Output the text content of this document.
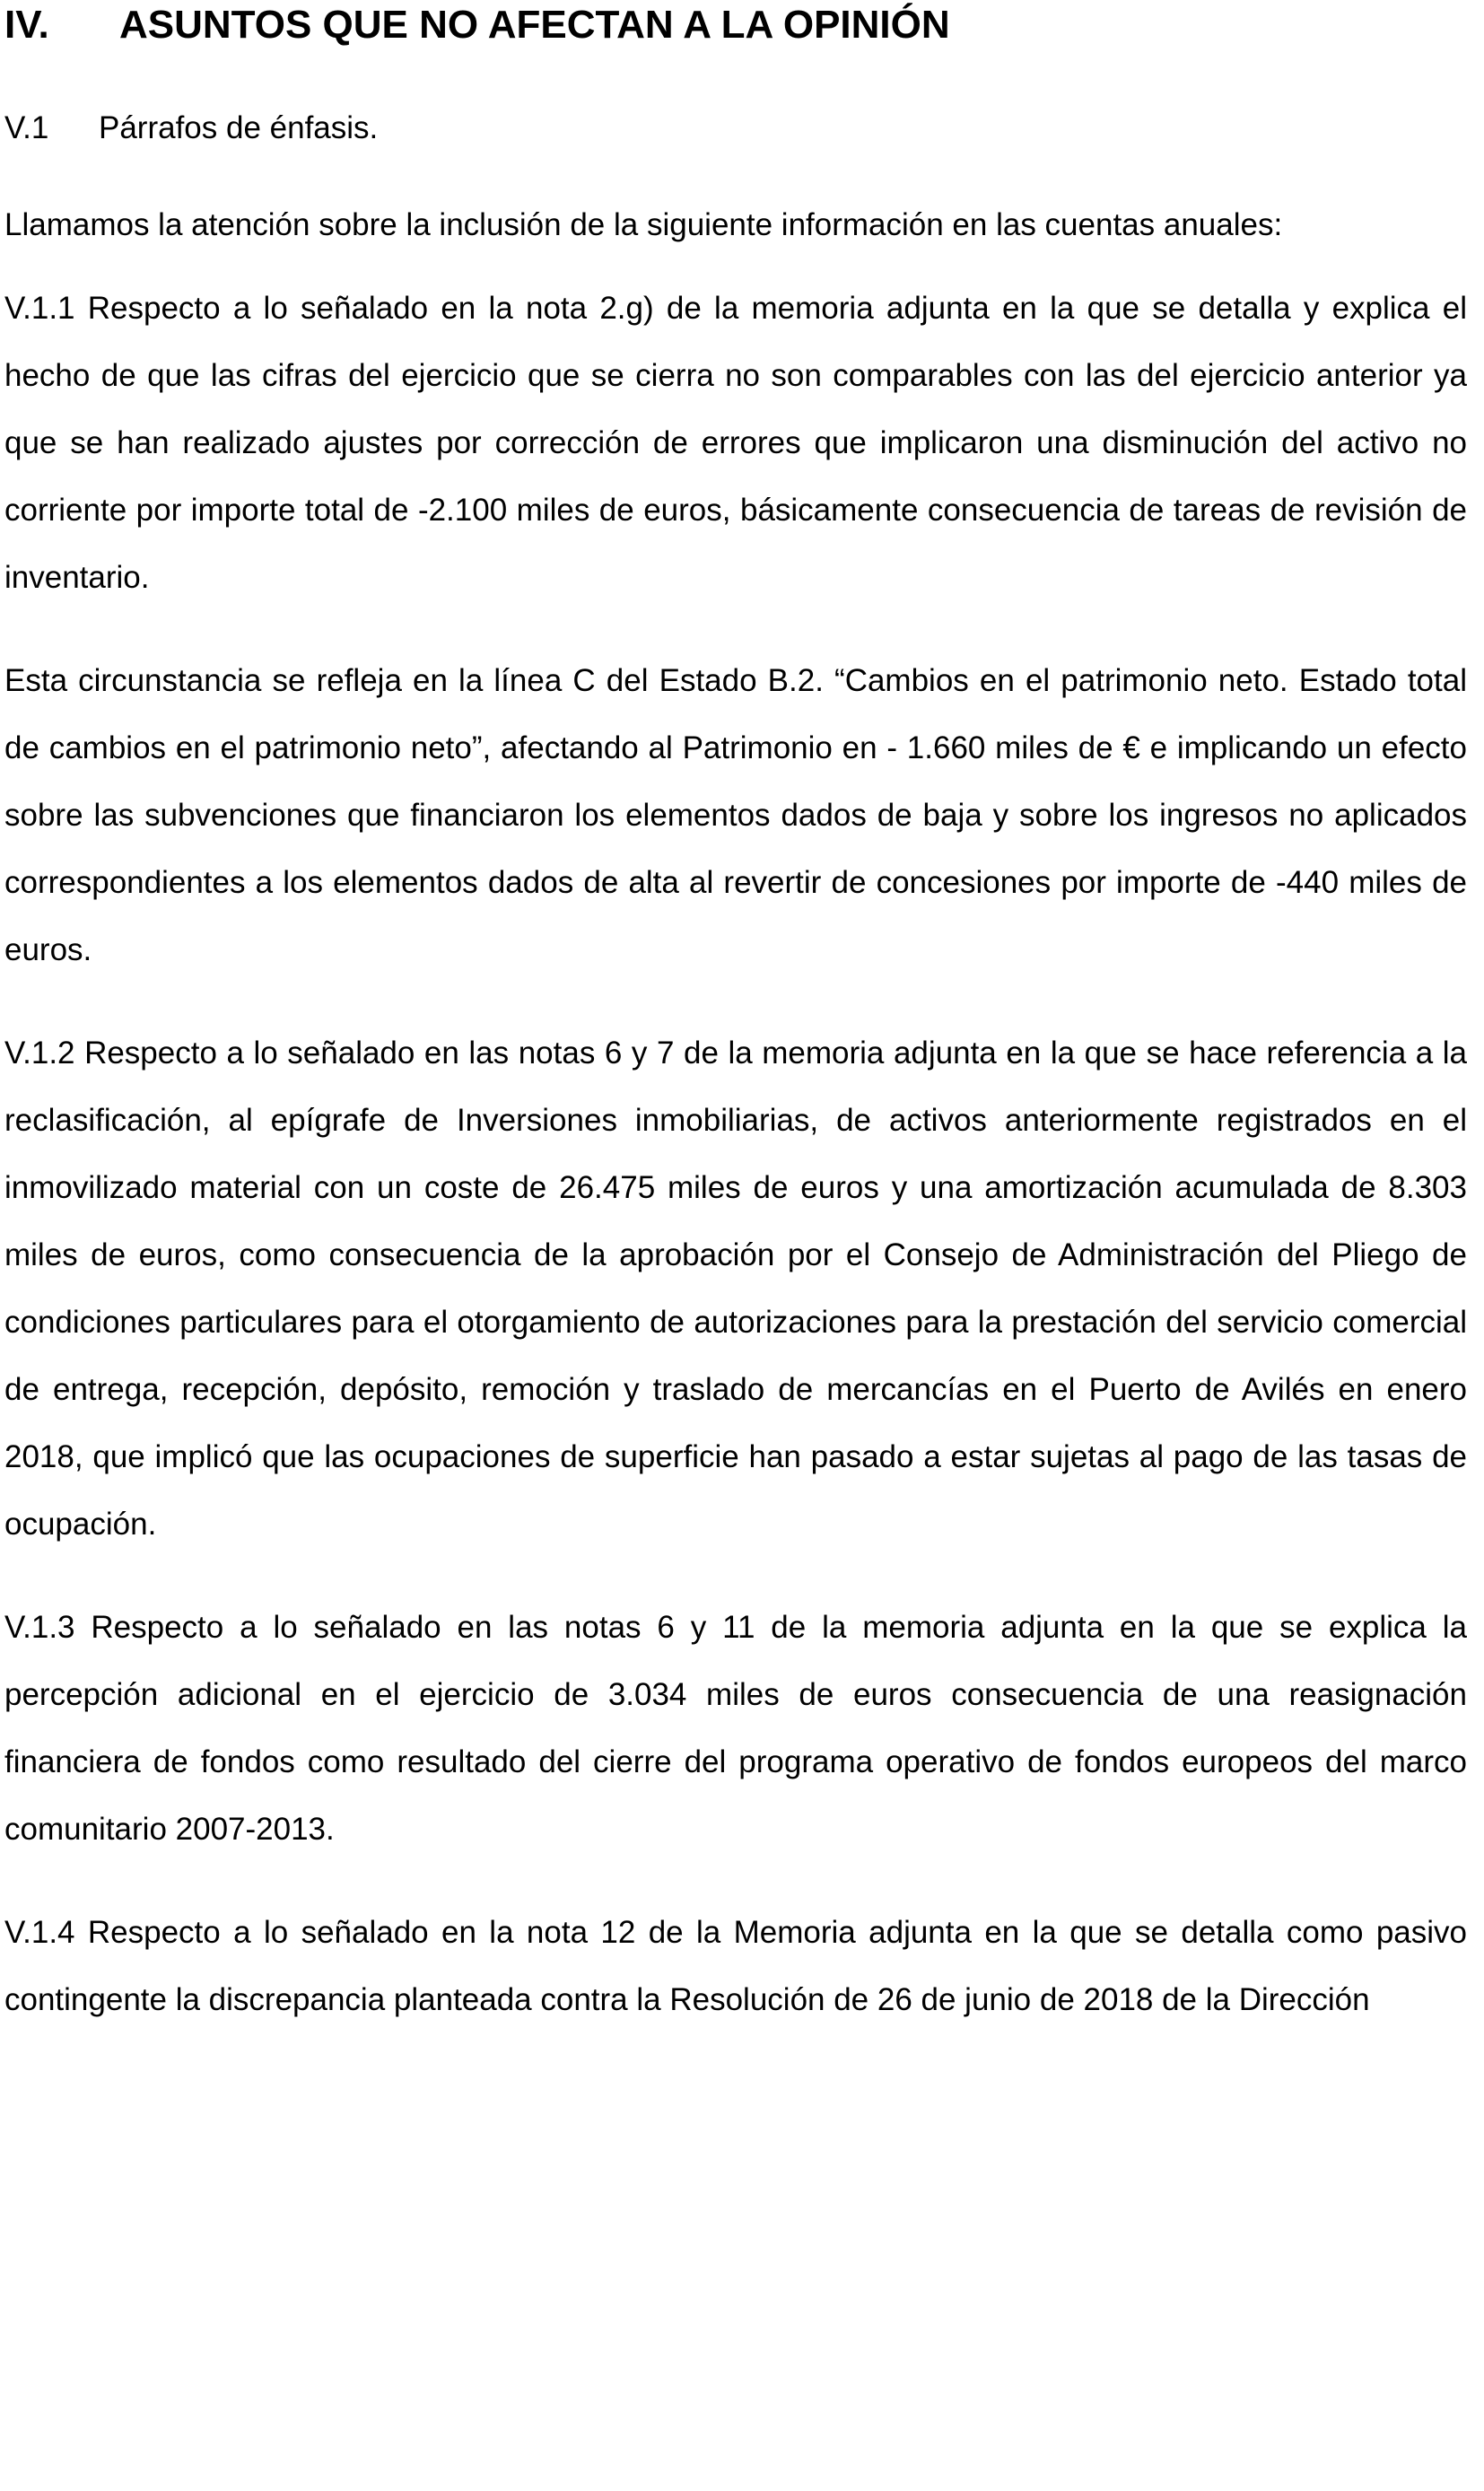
IV. ASUNTOS QUE NO AFECTAN A LA OPINIÓN

V.1 Párrafos de énfasis.

Llamamos la atención sobre la inclusión de la siguiente información en las cuentas anuales:

V.1.1 Respecto a lo señalado en la nota 2.g) de la memoria adjunta en la que se detalla y explica el hecho de que las cifras del ejercicio que se cierra no son comparables con las del ejercicio anterior ya que se han realizado ajustes por corrección de errores que implicaron una disminución del activo no corriente por importe total de -2.100 miles de euros, básicamente consecuencia de tareas de revisión de inventario.

Esta circunstancia se refleja en la línea C del Estado B.2. “Cambios en el patrimonio neto. Estado total de cambios en el patrimonio neto”, afectando al Patrimonio en - 1.660 miles de € e implicando un efecto sobre las subvenciones que financiaron los elementos dados de baja y sobre los ingresos no aplicados correspondientes a los elementos dados de alta al revertir de concesiones por importe de -440 miles de euros.

V.1.2 Respecto a lo señalado en las notas 6 y 7 de la memoria adjunta en la que se hace referencia a la reclasificación, al epígrafe de Inversiones inmobiliarias, de activos anteriormente registrados en el inmovilizado material con un coste de 26.475 miles de euros y una amortización acumulada de 8.303 miles de euros, como consecuencia de la aprobación por el Consejo de Administración del Pliego de condiciones particulares para el otorgamiento de autorizaciones para la prestación del servicio comercial de entrega, recepción, depósito, remoción y traslado de mercancías en el Puerto de Avilés en enero 2018, que implicó que las ocupaciones de superficie han pasado a estar sujetas al pago de las tasas de ocupación.

V.1.3 Respecto a lo señalado en las notas 6 y 11 de la memoria adjunta en la que se explica la percepción adicional en el ejercicio de 3.034 miles de euros consecuencia de una reasignación financiera de fondos como resultado del cierre del programa operativo de fondos europeos del marco comunitario 2007-2013.

V.1.4 Respecto a lo señalado en la nota 12 de la Memoria adjunta en la que se detalla como pasivo contingente la discrepancia planteada contra la Resolución de 26 de junio de 2018 de la Dirección
